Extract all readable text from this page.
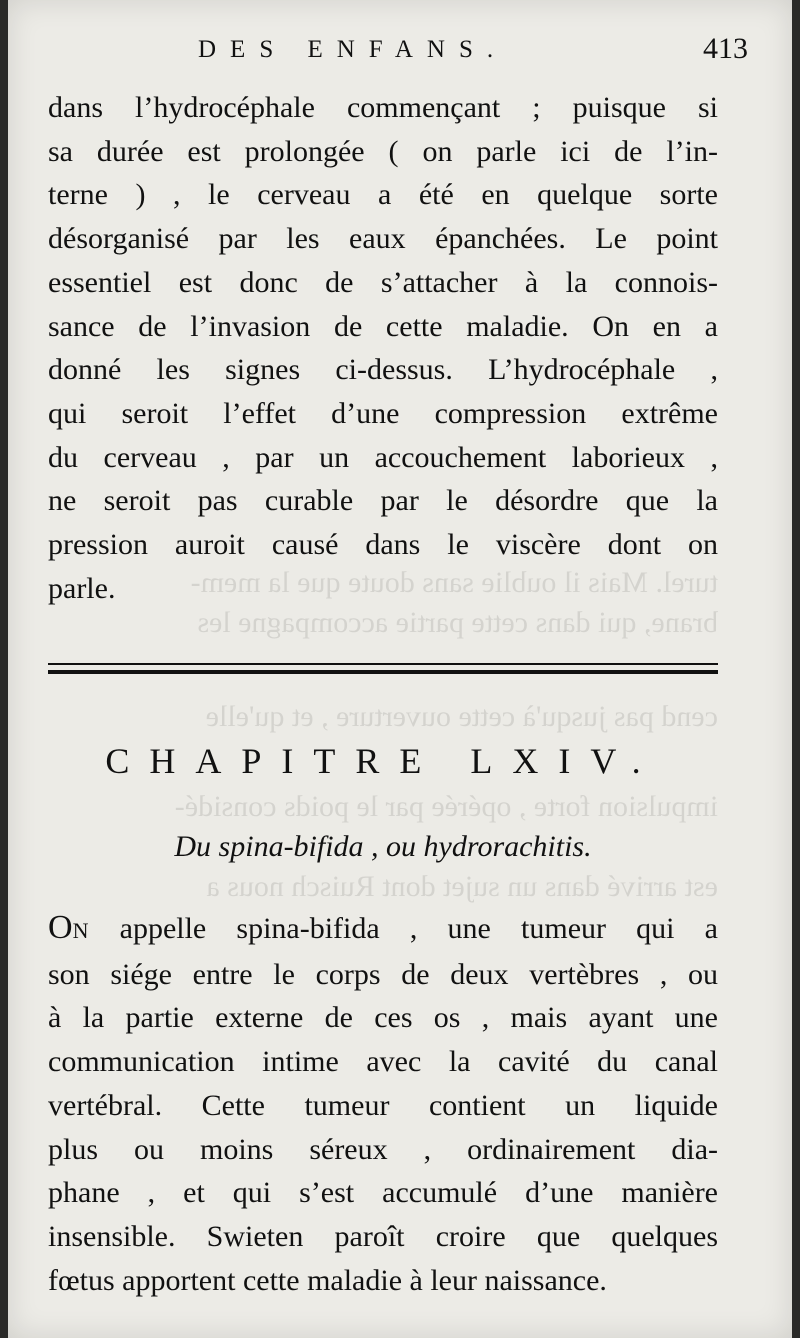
turel. Mais il oublie sans doute que la mem-
brane, qui dans cette partie accompagne les
cend pas jusqu'à cette ouverture , et qu'elle
impulsion forte , opérée par le poids considé-
est arrivé dans un sujet dont Ruisch nous a
DES ENFANS.	413
dans l’hydrocéphale commençant ; puisque si
sa durée est prolongée ( on parle ici de l’in-
terne ) , le cerveau a été en quelque sorte
désorganisé par les eaux épanchées. Le point
essentiel est donc de s’attacher à la connois-
sance de l’invasion de cette maladie. On en a
donné les signes ci-dessus. L’hydrocéphale ,
qui seroit l’effet d’une compression extrême
du cerveau , par un accouchement laborieux ,
ne seroit pas curable par le désordre que la
pression auroit causé dans le viscère dont on
parle.
CHAPITRE LXIV.
Du spina-bifida , ou hydrorachitis.
ON appelle spina-bifida , une tumeur qui a
son siége entre le corps de deux vertèbres , ou
à la partie externe de ces os , mais ayant une
communication intime avec la cavité du canal
vertébral. Cette tumeur contient un liquide
plus ou moins séreux , ordinairement dia-
phane , et qui s’est accumulé d’une manière
insensible. Swieten paroît croire que quelques
fœtus apportent cette maladie à leur naissance.
